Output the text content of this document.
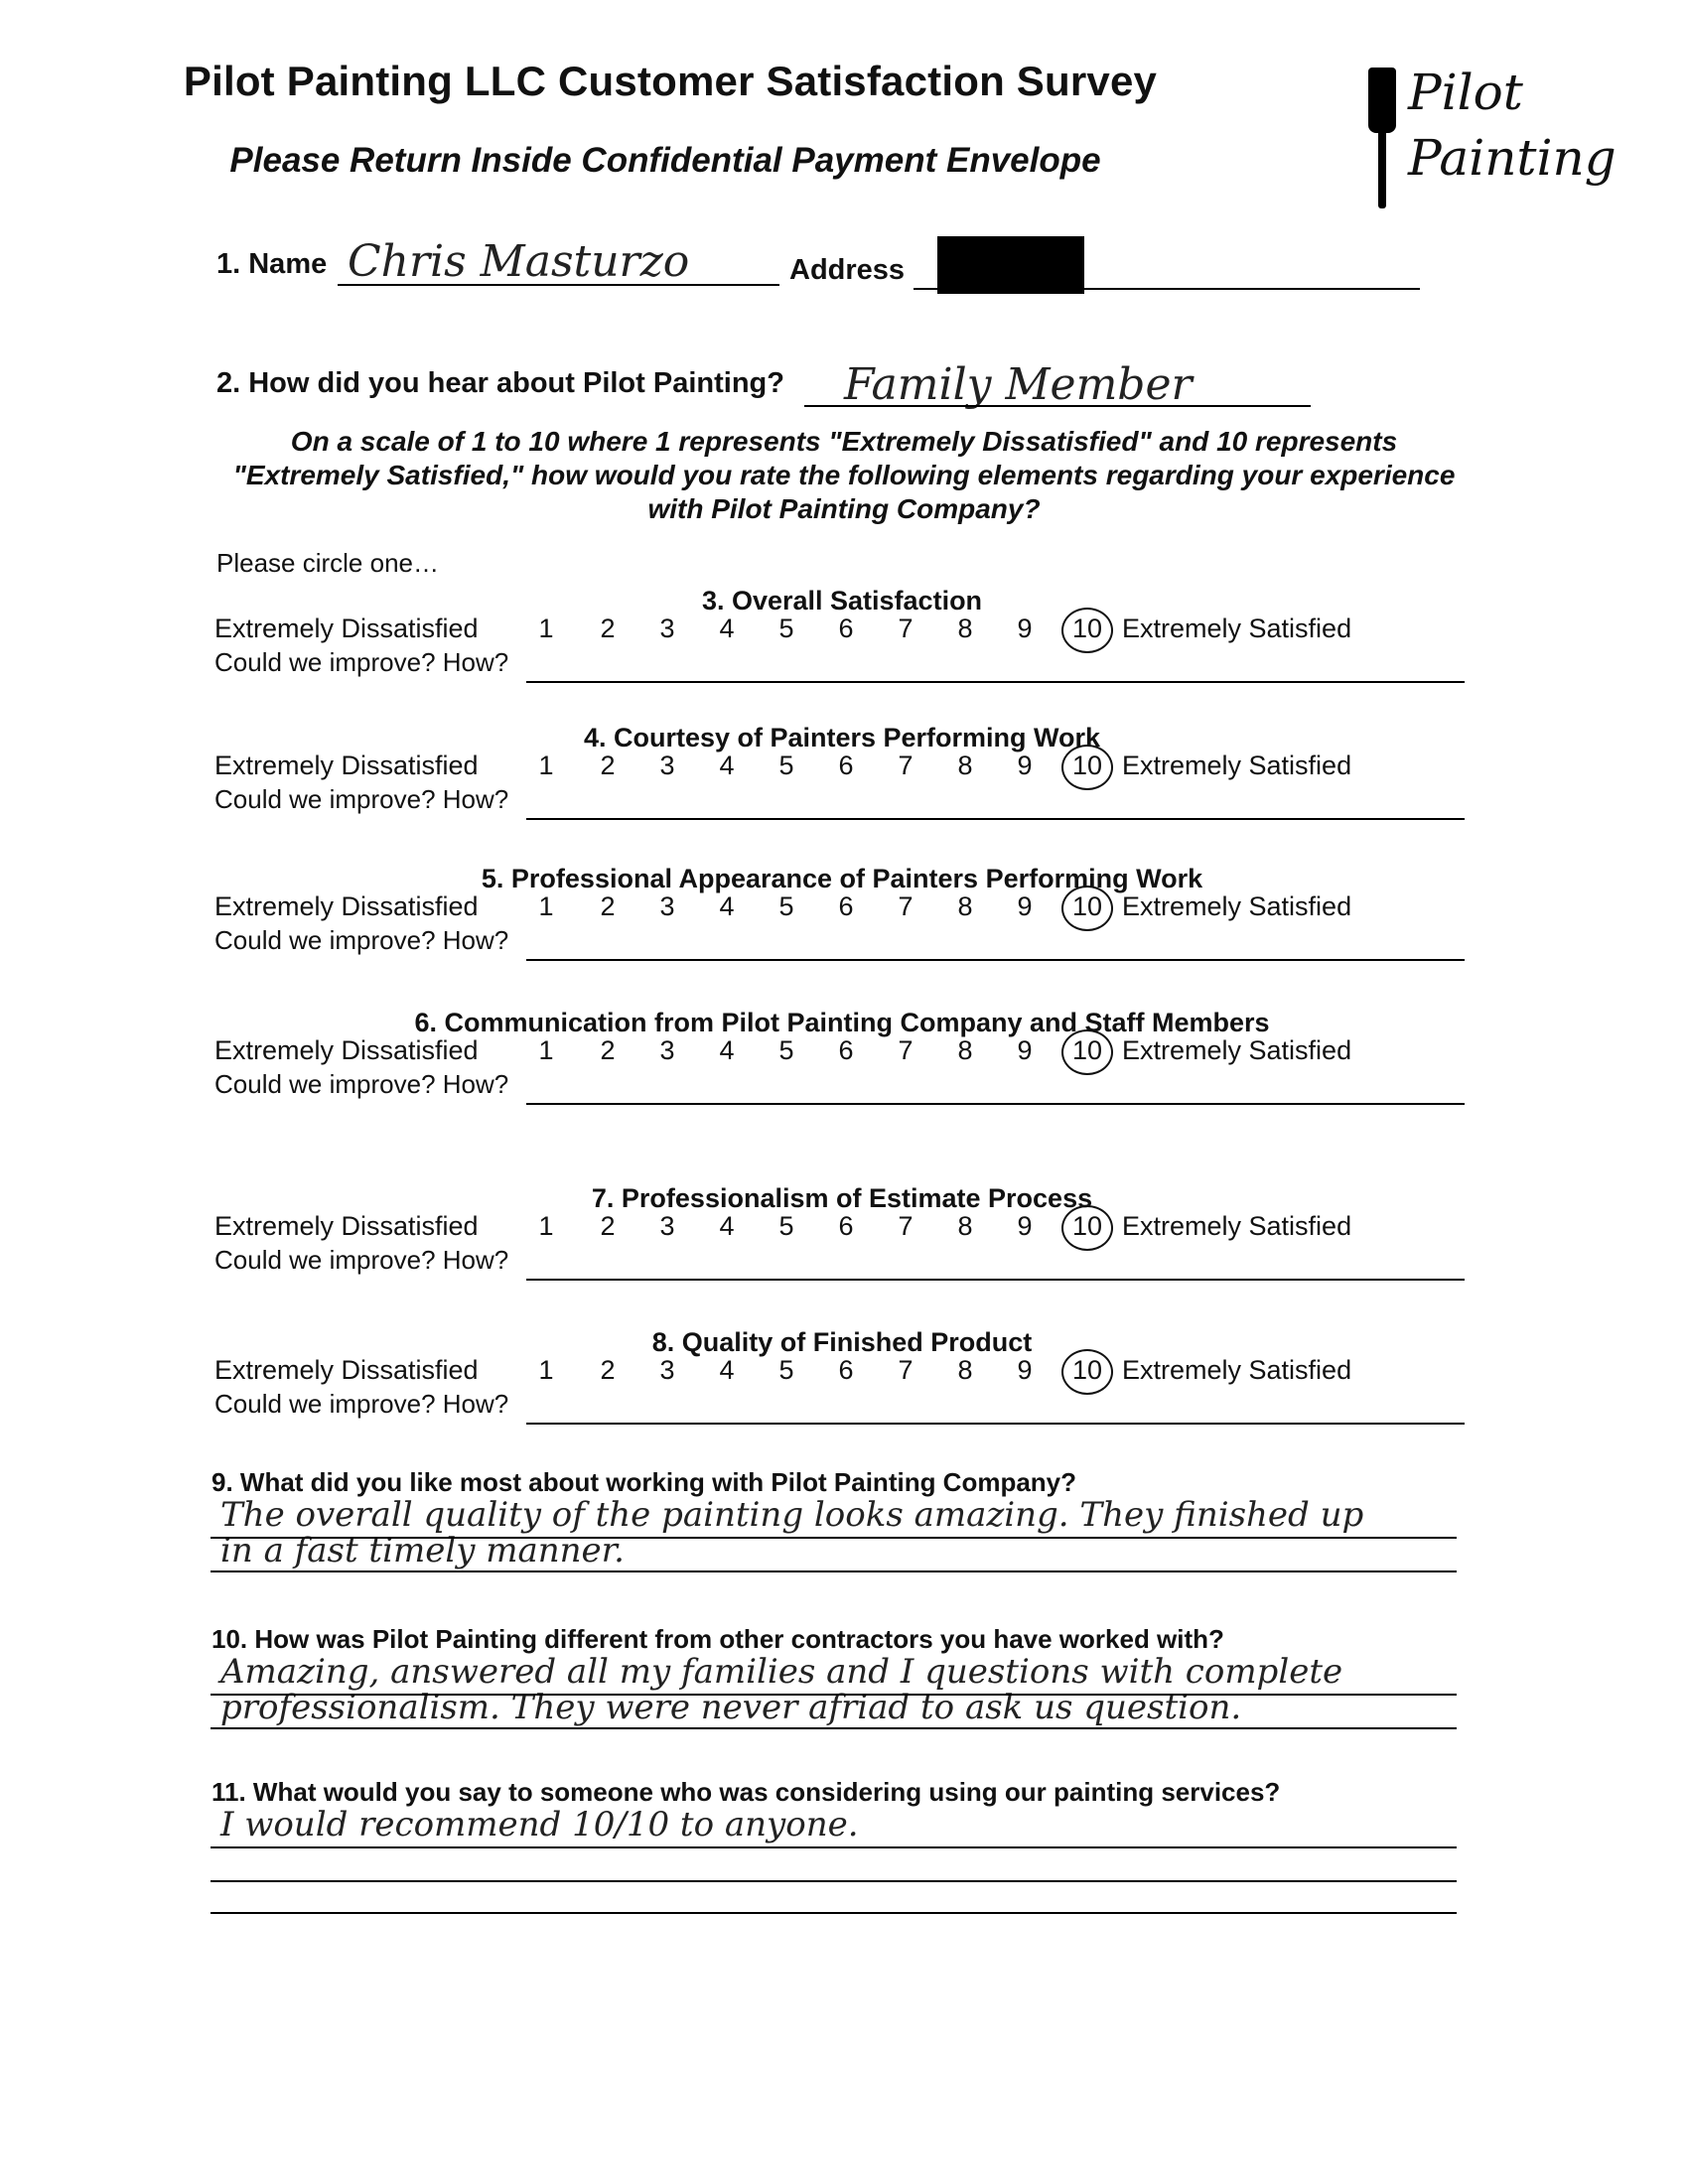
Pilot Painting LLC Customer Satisfaction Survey
Please Return Inside Confidential Payment Envelope
Pilot
Painting
1. Name Chris Masturzo	Address
2. How did you hear about Pilot Painting? Family Member
On a scale of 1 to 10 where 1 represents "Extremely Dissatisfied" and 10 represents "Extremely Satisfied," how would you rate the following elements regarding your experience with Pilot Painting Company?
Please circle one…
3. Overall Satisfaction
Extremely Dissatisfied	1	2	3	4	5	6	7	8	9	10 Extremely Satisfied
Could we improve? How?
4. Courtesy of Painters Performing Work
Extremely Dissatisfied	1	2	3	4	5	6	7	8	9	10 Extremely Satisfied
Could we improve? How?
5. Professional Appearance of Painters Performing Work
Extremely Dissatisfied	1	2	3	4	5	6	7	8	9	10 Extremely Satisfied
Could we improve? How?
6. Communication from Pilot Painting Company and Staff Members
Extremely Dissatisfied	1	2	3	4	5	6	7	8	9	10 Extremely Satisfied
Could we improve? How?
7. Professionalism of Estimate Process
Extremely Dissatisfied	1	2	3	4	5	6	7	8	9	10 Extremely Satisfied
Could we improve? How?
8. Quality of Finished Product
Extremely Dissatisfied	1	2	3	4	5	6	7	8	9	10 Extremely Satisfied
Could we improve? How?
9. What did you like most about working with Pilot Painting Company?
The overall quality of the painting looks amazing. They finished up
in a fast timely manner.
10. How was Pilot Painting different from other contractors you have worked with?
Amazing, answered all my families and I questions with complete
professionalism. They were never afriad to ask us question.
11. What would you say to someone who was considering using our painting services?
I would recommend 10/10 to anyone.
